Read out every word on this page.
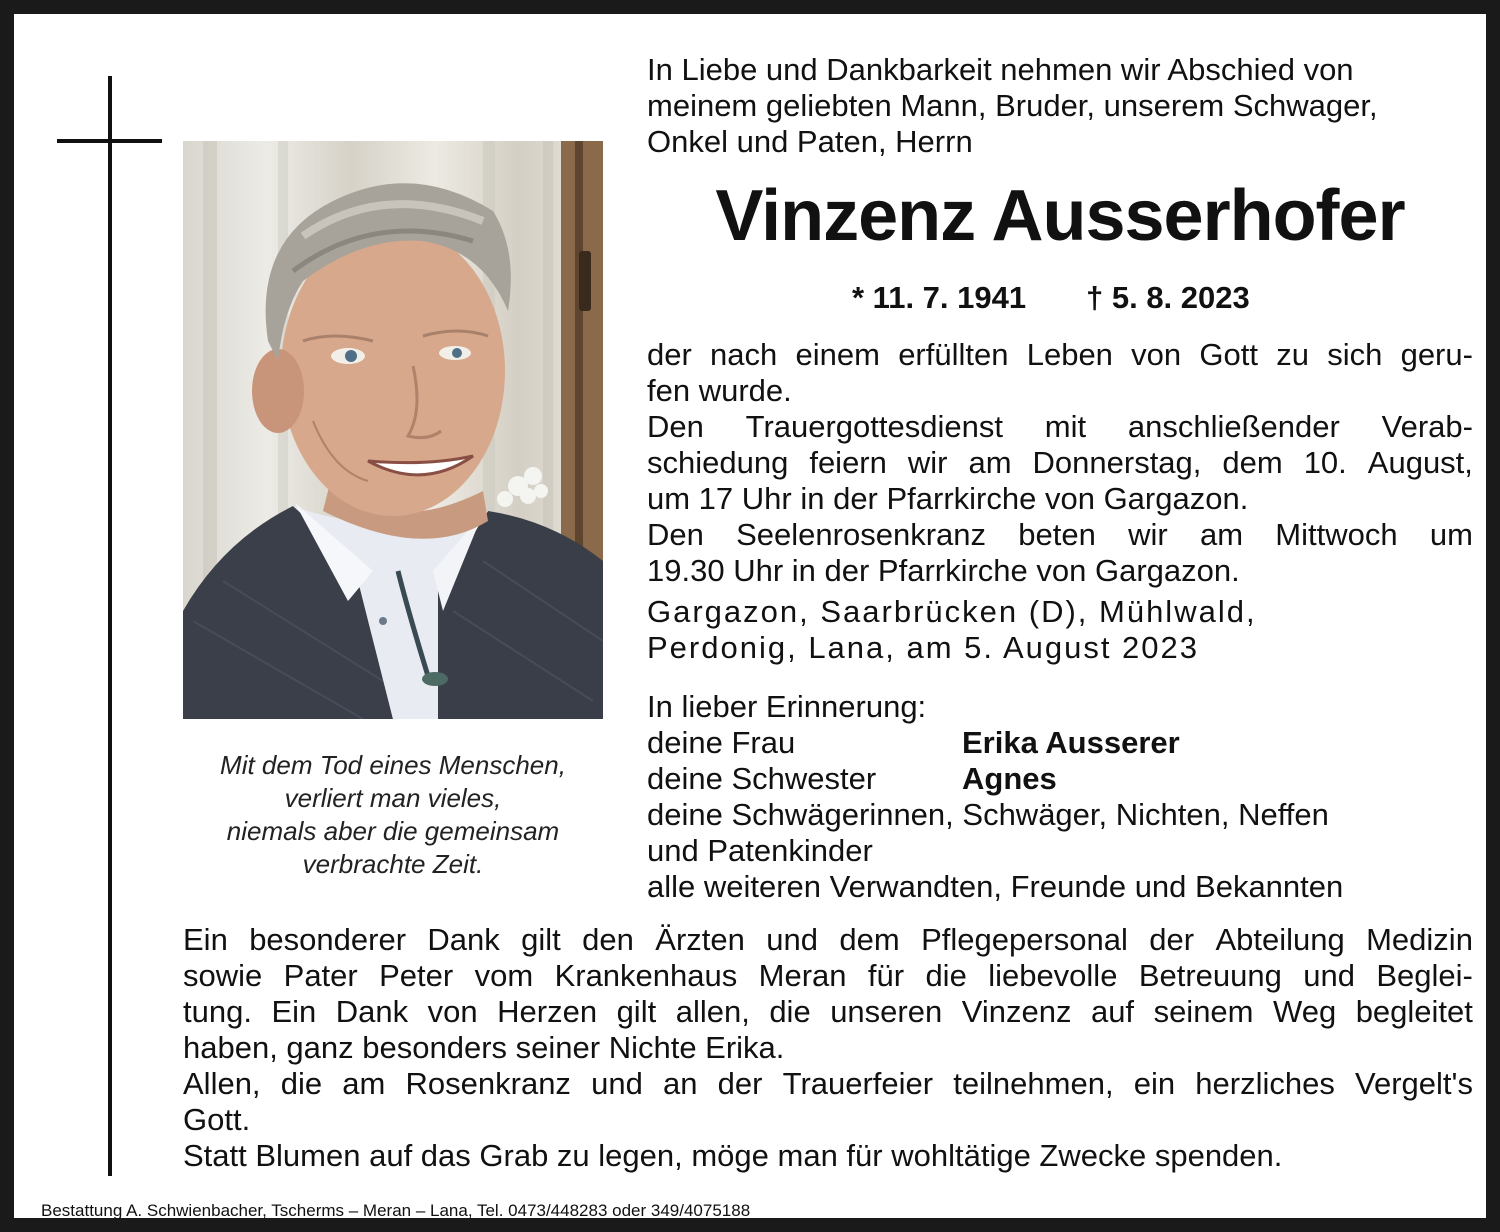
Mit dem Tod eines Menschen,
verliert man vieles,
niemals aber die gemeinsam
verbrachte Zeit.
In Liebe und Dankbarkeit nehmen wir Abschied von
meinem geliebten Mann, Bruder, unserem Schwager,
Onkel und Paten, Herrn
Vinzenz Ausserhofer
* 11. 7. 1941 † 5. 8. 2023
der nach einem erfüllten Leben von Gott zu sich geru-
fen wurde.
Den Trauergottesdienst mit anschließender Verab-
schiedung feiern wir am Donnerstag, dem 10. August,
um 17 Uhr in der Pfarrkirche von Gargazon.
Den Seelenrosenkranz beten wir am Mittwoch um
19.30 Uhr in der Pfarrkirche von Gargazon.
Gargazon, Saarbrücken (D), Mühlwald,
Perdonig, Lana, am 5. August 2023
In lieber Erinnerung:
deine Frau	Erika Ausserer
deine Schwester	Agnes
deine Schwägerinnen, Schwäger, Nichten, Neffen
und Patenkinder
alle weiteren Verwandten, Freunde und Bekannten
Ein besonderer Dank gilt den Ärzten und dem Pflegepersonal der Abteilung Medizin
sowie Pater Peter vom Krankenhaus Meran für die liebevolle Betreuung und Beglei-
tung. Ein Dank von Herzen gilt allen, die unseren Vinzenz auf seinem Weg begleitet
haben, ganz besonders seiner Nichte Erika.
Allen, die am Rosenkranz und an der Trauerfeier teilnehmen, ein herzliches Vergelt's
Gott.
Statt Blumen auf das Grab zu legen, möge man für wohltätige Zwecke spenden.
Bestattung A. Schwienbacher, Tscherms – Meran – Lana, Tel. 0473/448283 oder 349/4075188
